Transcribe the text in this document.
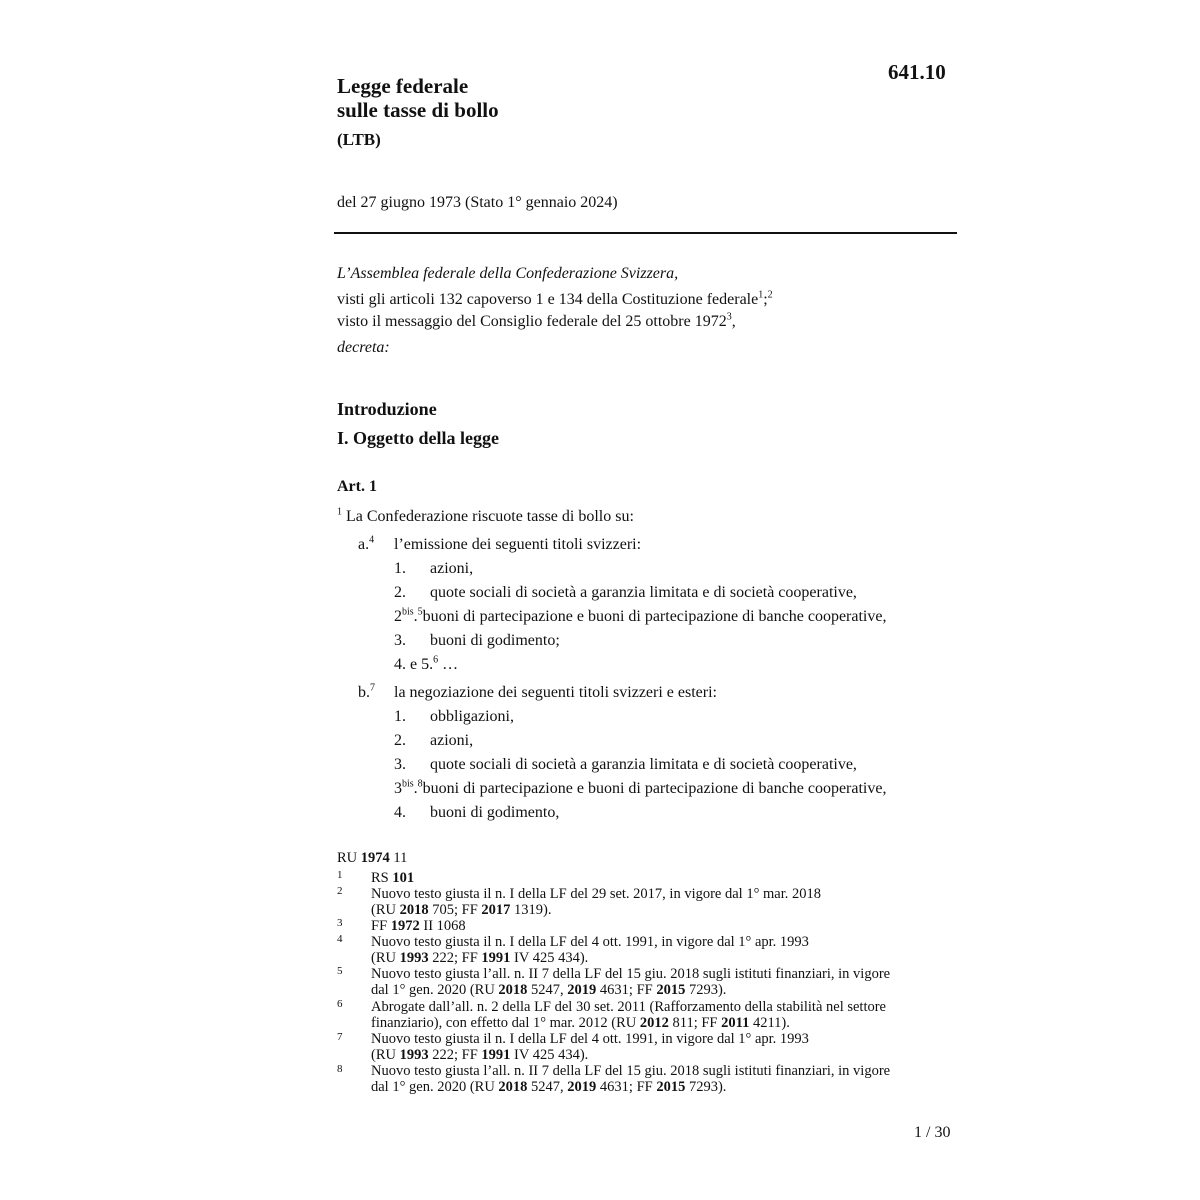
Legge federale
sulle tasse di bollo
(LTB)
641.10
del 27 giugno 1973 (Stato 1° gennaio 2024)
L’Assemblea federale della Confederazione Svizzera,
visti gli articoli 132 capoverso 1 e 134 della Costituzione federale$^1$;$^2$
visto il messaggio del Consiglio federale del 25 ottobre 1972$^3$,
decreta:
Introduzione
I. Oggetto della legge
Art. 1
$^1$ La Confederazione riscuote tasse di bollo su:
a.$^4$ l’emissione dei seguenti titoli svizzeri:
1. azioni,
2. quote sociali di società a garanzia limitata e di società cooperative,
$2^{bis}.^5buoni$ di partecipazione e buoni di partecipazione di banche cooperative,
3. buoni di godimento;
4. e 5.$^6$ …
b.$^7$ la negoziazione dei seguenti titoli svizzeri e esteri:
1. obbligazioni,
2. azioni,
3. quote sociali di società a garanzia limitata e di società cooperative,
$3^{bis}.^8buoni$ di partecipazione e buoni di partecipazione di banche cooperative,
4. buoni di godimento,
RU 1974 11
1 RS 101
2 Nuovo testo giusta il n. I della LF del 29 set. 2017, in vigore dal 1° mar. 2018
(RU 2018 705; FF 2017 1319).
3 FF 1972 II 1068
4 Nuovo testo giusta il n. I della LF del 4 ott. 1991, in vigore dal 1° apr. 1993
(RU 1993 222; FF 1991 IV 425 434).
5 Nuovo testo giusta l’all. n. II 7 della LF del 15 giu. 2018 sugli istituti finanziari, in vigore
dal 1° gen. 2020 (RU 2018 5247, 2019 4631; FF 2015 7293).
6 Abrogate dall’all. n. 2 della LF del 30 set. 2011 (Rafforzamento della stabilità nel settore
finanziario), con effetto dal 1° mar. 2012 (RU 2012 811; FF 2011 4211).
7 Nuovo testo giusta il n. I della LF del 4 ott. 1991, in vigore dal 1° apr. 1993
(RU 1993 222; FF 1991 IV 425 434).
8 Nuovo testo giusta l’all. n. II 7 della LF del 15 giu. 2018 sugli istituti finanziari, in vigore
dal 1° gen. 2020 (RU 2018 5247, 2019 4631; FF 2015 7293).
1 / 30
